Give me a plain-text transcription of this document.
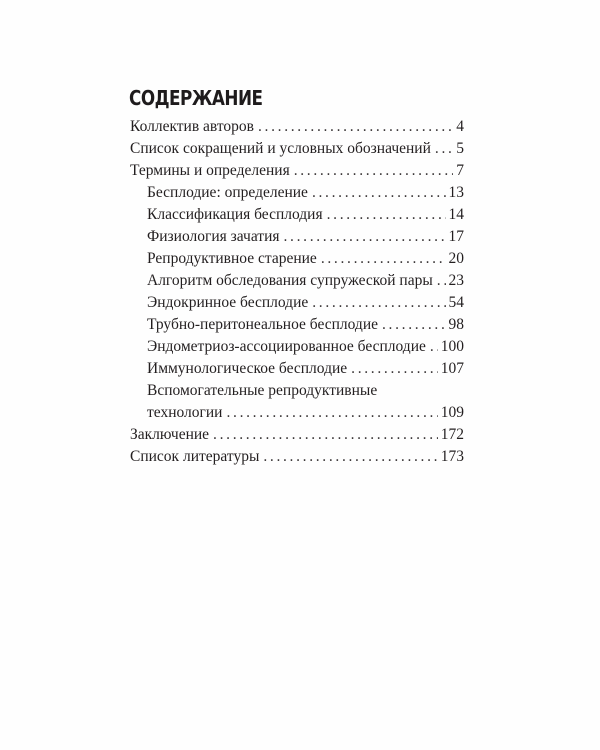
СОДЕРЖАНИЕ
Коллектив авторов . . .	4
Список сокращений и условных обозначений . . . 5
Термины и определения . . .	7
Бесплодие: определение . . .	13
Классификация бесплодия . . .	14
Физиология зачатия . . .	17
Репродуктивное старение . . .	20
Алгоритм обследования супружеской пары . . . 23
Эндокринное бесплодие . . .	54
Трубно-перитонеальное бесплодие . . .	98
Эндометриоз-ассоциированное бесплодие . . . 100
Иммунологическое бесплодие . . .	107
Вспомогательные репродуктивные
технологии . . .	109
Заключение . . .	172
Список литературы . . .	173
